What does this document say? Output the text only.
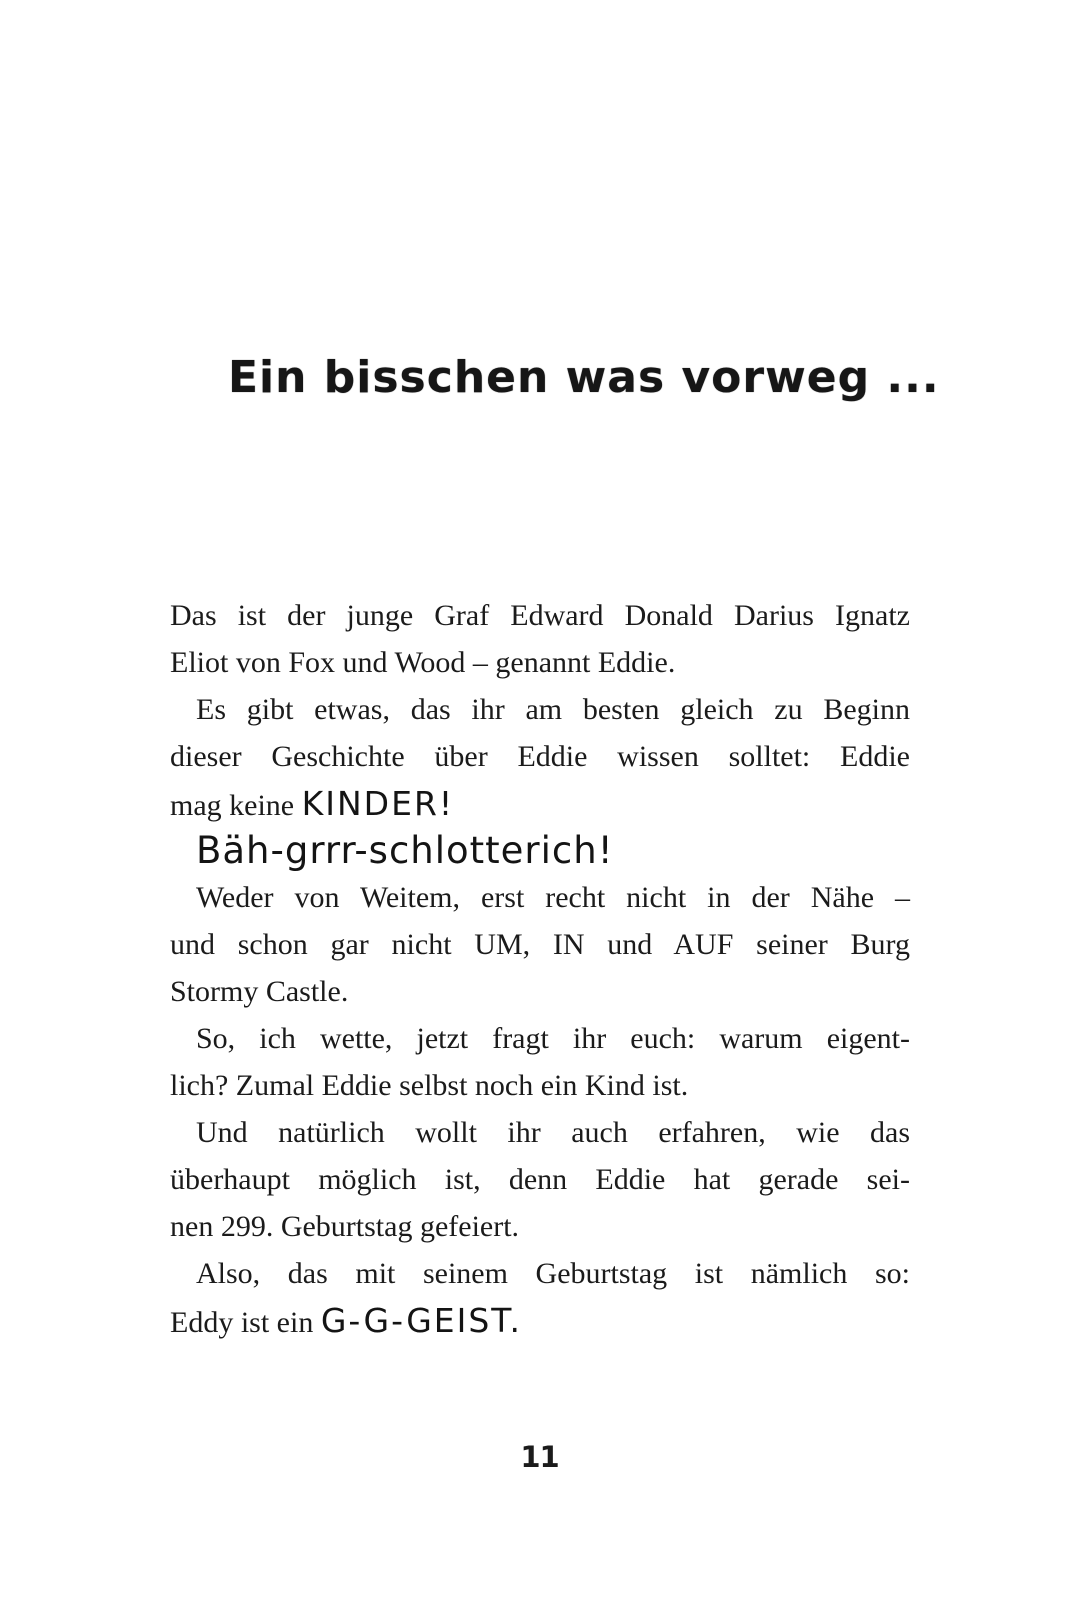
Ein bisschen was vorweg ...
Das ist der junge Graf Edward Donald Darius Ignatz
Eliot von Fox und Wood – genannt Eddie.
Es gibt etwas, das ihr am besten gleich zu Beginn
dieser Geschichte über Eddie wissen solltet: Eddie
mag keine KINDER!
Bäh-grrr-schlotterich!
Weder von Weitem, erst recht nicht in der Nähe –
und schon gar nicht UM, IN und AUF seiner Burg
Stormy Castle.
So, ich wette, jetzt fragt ihr euch: warum eigent-
lich? Zumal Eddie selbst noch ein Kind ist.
Und natürlich wollt ihr auch erfahren, wie das
überhaupt möglich ist, denn Eddie hat gerade sei-
nen 299. Geburtstag gefeiert.
Also, das mit seinem Geburtstag ist nämlich so:
Eddy ist ein G-G-GEIST.
11
